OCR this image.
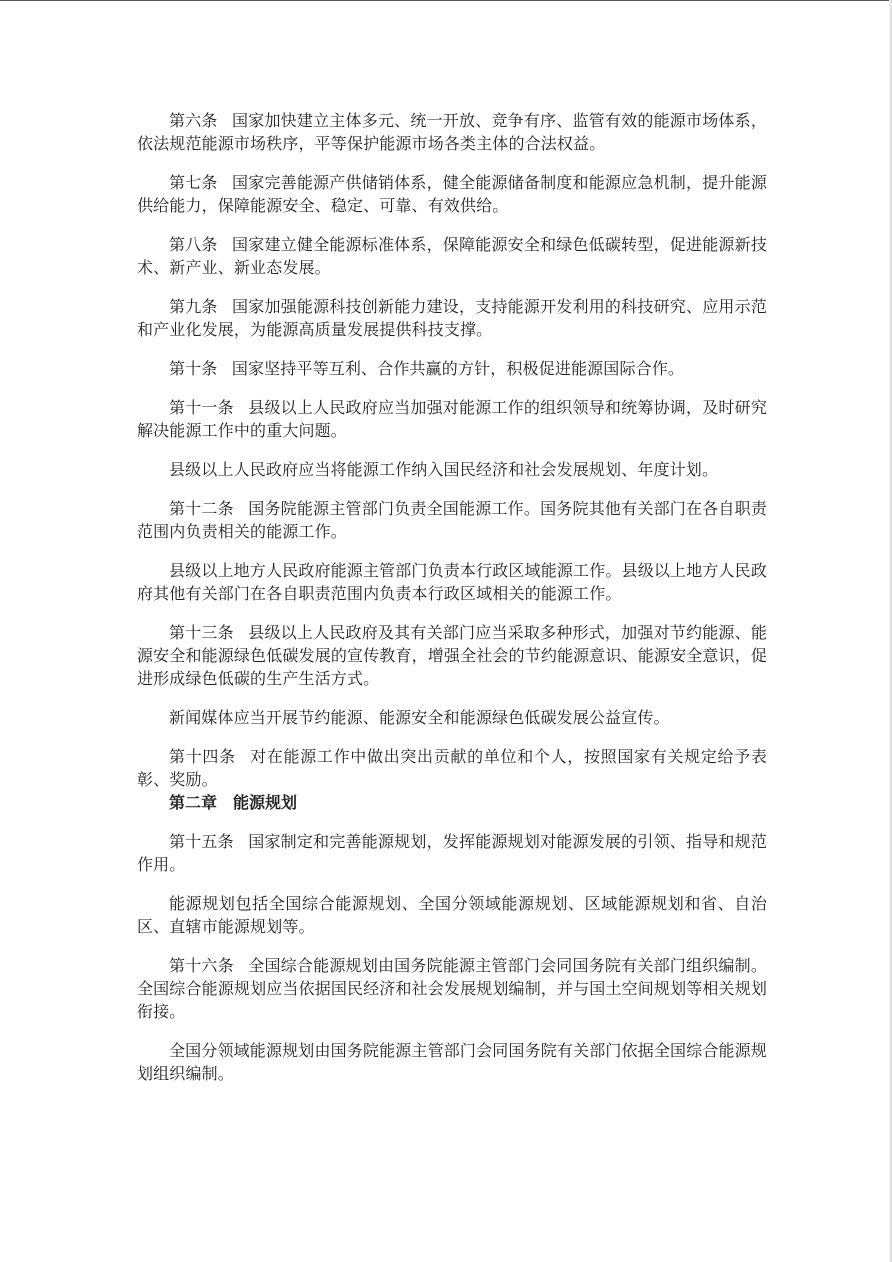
第六条 国家加快建立主体多元、统一开放、竞争有序、监管有效的能源市场体系，依法规范能源市场秩序，平等保护能源市场各类主体的合法权益。

第七条 国家完善能源产供储销体系，健全能源储备制度和能源应急机制，提升能源供给能力，保障能源安全、稳定、可靠、有效供给。

第八条 国家建立健全能源标准体系，保障能源安全和绿色低碳转型，促进能源新技术、新产业、新业态发展。

第九条 国家加强能源科技创新能力建设，支持能源开发利用的科技研究、应用示范和产业化发展，为能源高质量发展提供科技支撑。

第十条 国家坚持平等互利、合作共赢的方针，积极促进能源国际合作。

第十一条 县级以上人民政府应当加强对能源工作的组织领导和统筹协调，及时研究解决能源工作中的重大问题。

县级以上人民政府应当将能源工作纳入国民经济和社会发展规划、年度计划。

第十二条 国务院能源主管部门负责全国能源工作。国务院其他有关部门在各自职责范围内负责相关的能源工作。

县级以上地方人民政府能源主管部门负责本行政区域能源工作。县级以上地方人民政府其他有关部门在各自职责范围内负责本行政区域相关的能源工作。

第十三条 县级以上人民政府及其有关部门应当采取多种形式，加强对节约能源、能源安全和能源绿色低碳发展的宣传教育，增强全社会的节约能源意识、能源安全意识，促进形成绿色低碳的生产生活方式。

新闻媒体应当开展节约能源、能源安全和能源绿色低碳发展公益宣传。

第十四条 对在能源工作中做出突出贡献的单位和个人，按照国家有关规定给予表彰、奖励。

第二章 能源规划

第十五条 国家制定和完善能源规划，发挥能源规划对能源发展的引领、指导和规范作用。

能源规划包括全国综合能源规划、全国分领域能源规划、区域能源规划和省、自治区、直辖市能源规划等。

第十六条 全国综合能源规划由国务院能源主管部门会同国务院有关部门组织编制。全国综合能源规划应当依据国民经济和社会发展规划编制，并与国土空间规划等相关规划衔接。

全国分领域能源规划由国务院能源主管部门会同国务院有关部门依据全国综合能源规划组织编制。
